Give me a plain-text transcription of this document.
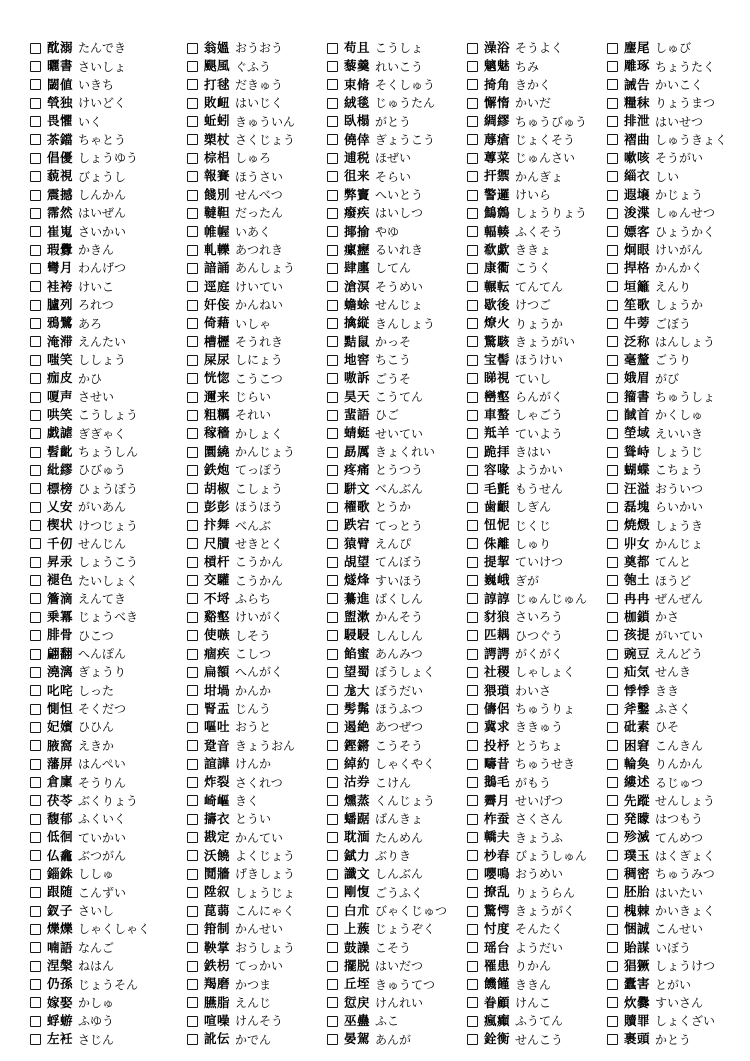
酖溺 たんでき
曬書 さいしょ
閾値 いきち
煢独 けいどく
畏懼 いく
茶鐺 ちゃとう
倡優 しょうゆう
藐視 びょうし
震撼 しんかん
霈然 はいぜん
崔嵬 さいかい
瑕釁 かきん
彎月 わんげつ
袿袴 けいこ
臚列 ろれつ
鴉鷺 あろ
淹滞 えんたい
嗤笑 ししょう
痂皮 かひ
嗄声 させい
哄笑 こうしょう
戯謔 ぎぎゃく
髫齔 ちょうしん
紕繆 ひびゅう
標榜 ひょうぼう
乂安 がいあん
楔状 けつじょう
千仞 せんじん
昇汞 しょうこう
褪色 たいしょく
簷滴 えんてき
乗冪 じょうべき
腓骨 ひこつ
翩翻 へんぽん
澆漓 ぎょうり
叱咤 しった
惻怛 そくだつ
妃嬪 ひひん
腋窩 えきか
藩屏 はんぺい
倉廩 そうりん
茯苓 ぶくりょう
馥郁 ふくいく
低徊 ていかい
仏龕 ぶつがん
錙銖 ししゅ
跟随 こんずい
釵子 さいし
爍爍 しゃくしゃく
喃語 なんご
涅槃 ねはん
仍孫 じょうそん
嫁娶 かしゅ
蜉蝣 ふゆう
左衽 さじん
翁媼 おうおう
颶風 ぐふう
打毬 だきゅう
敗衄 はいじく
蚯蚓 きゅういん
槊杖 さくじょう
棕梠 しゅろ
報賽 ほうさい
餞別 せんべつ
韃靼 だったん
帷幄 いあく
軋轢 あつれき
諳誦 あんしょう
逕庭 けいてい
奸侫 かんねい
倚藉 いしゃ
槽櫪 そうれき
屎尿 しにょう
恍惚 こうこつ
邇来 じらい
粗糲 それい
稼穡 かしょく
圜繞 かんじょう
鉄炮 てっぽう
胡椒 こしょう
彭彭 ほうほう
抃舞 べんぶ
尺牘 せきとく
槓杆 こうかん
交驩 こうかん
不埒 ふらち
谿壑 けいがく
使嗾 しそう
痼疾 こしつ
扁額 へんがく
坩堝 かんか
腎盂 じんう
嘔吐 おうと
跫音 きょうおん
諠譁 けんか
炸裂 さくれつ
崎嶇 きく
擣衣 とうい
戡定 かんてい
沃饒 よくじょう
鬩牆 げきしょう
陞叙 しょうじょ
菎蒻 こんにゃく
箝制 かんせい
鞅掌 おうしょう
鉄枴 てっかい
羯磨 かつま
臙脂 えんじ
喧噪 けんそう
訛伝 かでん
苟且 こうしょ
藜羹 れいこう
束脩 そくしゅう
絨毯 じゅうたん
臥榻 がとう
僥倖 ぎょうこう
逋税 ほぜい
徂来 そらい
弊竇 へいとう
癈疾 はいしつ
揶揄 やゆ
瘰癧 るいれき
肆廛 してん
滄溟 そうめい
蟾蜍 せんじょ
擒縦 きんしょう
黠鼠 かっそ
地窖 ちこう
嗷訴 ごうそ
昊天 こうてん
蜚語 ひご
蜻蜓 せいてい
勗厲 きょくれい
疼痛 とうつう
駢文 べんぶん
櫂歌 とうか
跌宕 てっとう
猿臂 えんぴ
覘望 てんぼう
燧烽 すいほう
驀進 ばくしん
盥漱 かんそう
駸駸 しんしん
餡蜜 あんみつ
望蜀 ぼうしょく
尨大 ぼうだい
髣髴 ほうふつ
遏絶 あつぜつ
鏗鏘 こうそう
綽約 しゃくやく
沽券 こけん
燻蒸 くんじょう
蟠踞 ばんきょ
耽湎 たんめん
錻力 ぶりき
讖文 しんぶん
剛愎 ごうふく
白朮 びゃくじゅつ
上蔟 じょうぞく
鼓譟 こそう
擺脱 はいだつ
丘垤 きゅうてつ
愆戻 けんれい
巫蠱 ふこ
晏駕 あんが
澡浴 そうよく
魑魅 ちみ
掎角 きかく
懈惰 かいだ
綢繆 ちゅうびゅう
蓐瘡 じょくそう
蓴菜 じゅんさい
扞禦 かんぎょ
警邏 けいら
鷦鷯 しょうりょう
輻輳 ふくそう
欷歔 ききょ
康衢 こうく
輾転 てんてん
歇後 けつご
燎火 りょうか
驚駭 きょうがい
宝髻 ほうけい
睇視 ていし
巒壑 らんがく
車螯 しゃごう
羝羊 ていよう
跪拝 きはい
容喙 ようかい
毛氈 もうせん
歯齦 しぎん
忸怩 じくじ
侏離 しゅり
提挈 ていけつ
巍峨 ぎが
諄諄 じゅんじゅん
豺狼 さいろう
匹耦 ひつぐう
諤諤 がくがく
社稷 しゃしょく
猥瑣 わいさ
儔侶 ちゅうりょ
冀求 ききゅう
投杼 とうちょ
疇昔 ちゅうせき
鵝毛 がもう
霽月 せいげつ
柞蚕 さくさん
轎夫 きょうふ
杪春 びょうしゅん
嚶鳴 おうめい
撩乱 りょうらん
驚愕 きょうがく
忖度 そんたく
瑶台 ようだい
罹患 りかん
饑饉 ききん
眷顧 けんこ
瘋癲 ふうてん
銓衡 せんこう
麈尾 しゅび
雕琢 ちょうたく
誡告 かいこく
糧秣 りょうまつ
排泄 はいせつ
褶曲 しゅうきょく
嗽咳 そうがい
緇衣 しい
遐壌 かじょう
浚渫 しゅんせつ
嫖客 ひょうかく
炯眼 けいがん
捍格 かんかく
垣籬 えんり
笙歌 しょうか
牛蒡 ごぼう
泛称 はんしょう
毫釐 ごうり
娥眉 がび
籀書 ちゅうしょ
馘首 かくしゅ
塋域 えいいき
聳峙 しょうじ
蝴蝶 こちょう
汪溢 おういつ
磊塊 らいかい
焼燬 しょうき
丱女 かんじょ
奠都 てんと
匏土 ほうど
冉冉 ぜんぜん
枷鎖 かさ
孩提 がいてい
豌豆 えんどう
疝気 せんき
悸悸 きき
斧鑿 ふさく
砒素 ひそ
困窘 こんきん
輪奐 りんかん
縷述 るじゅつ
先蹤 せんしょう
発矇 はつもう
殄滅 てんめつ
璞玉 はくぎょく
稠密 ちゅうみつ
胚胎 はいたい
槐棘 かいきょく
悃誠 こんせい
貽謀 いぼう
猖獗 しょうけつ
蠹害 とがい
炊爨 すいさん
贖罪 しょくざい
裹頭 かとう
